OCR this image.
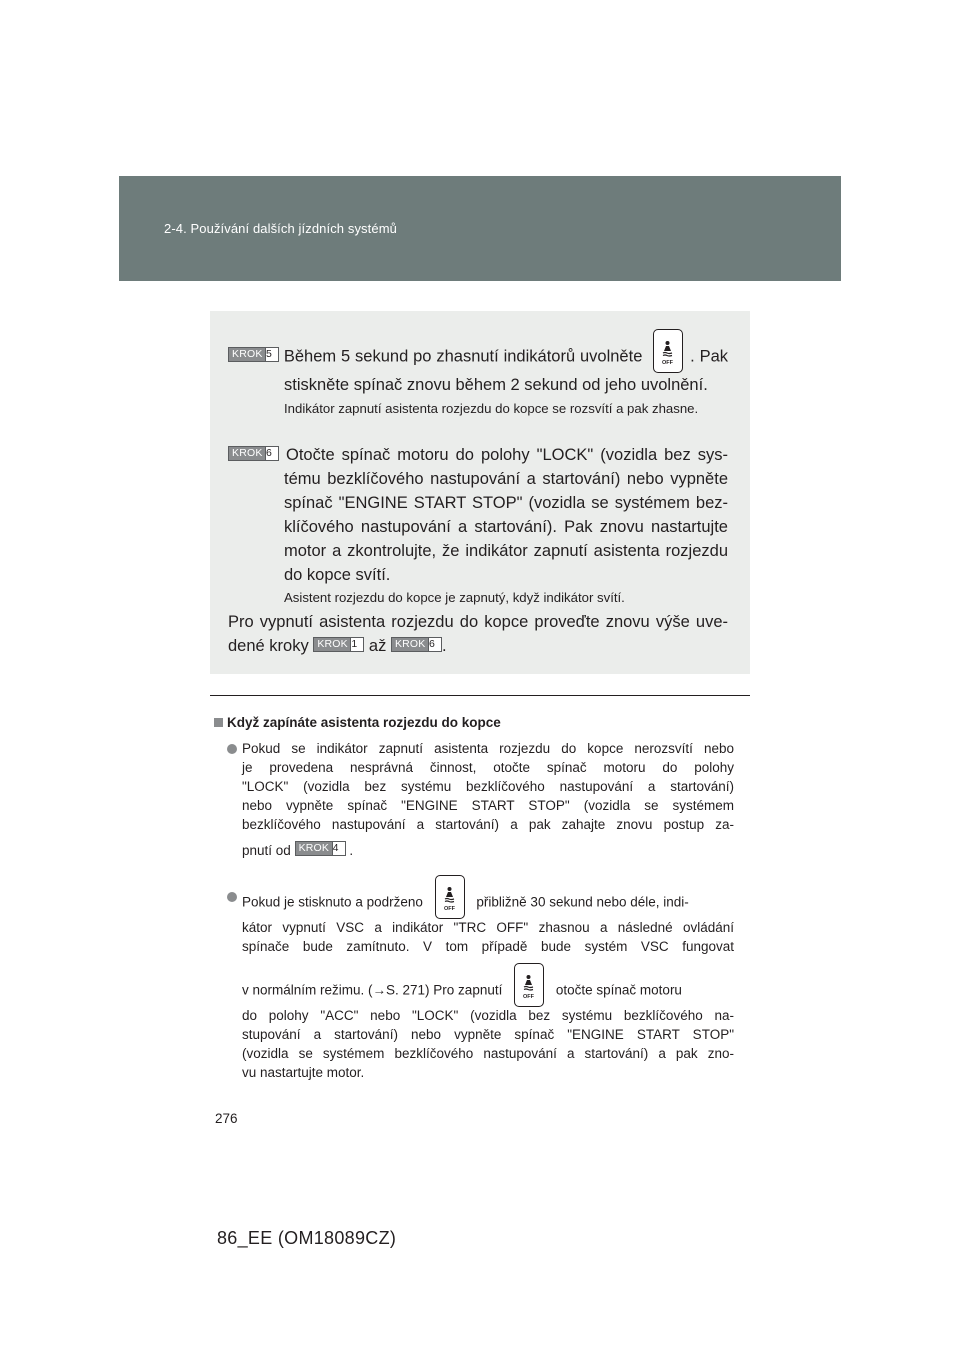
2-4. Používání dalších jízdních systémů
KROK 5 Během 5 sekund po zhasnutí indikátorů uvolněte	OFF . Pak
stiskněte spínač znovu během 2 sekund od jeho uvolnění.
Indikátor zapnutí asistenta rozjezdu do kopce se rozsvítí a pak zhasne.
KROK 6 Otočte spínač motoru do polohy "LOCK" (vozidla bez sys-
tému bezklíčového nastupování a startování) nebo vypněte
spínač "ENGINE START STOP" (vozidla se systémem bez-
klíčového nastupování a startování). Pak znovu nastartujte
motor a zkontrolujte, že indikátor zapnutí asistenta rozjezdu
do kopce svítí.
Asistent rozjezdu do kopce je zapnutý, když indikátor svítí.
Pro vypnutí asistenta rozjezdu do kopce proveďte znovu výše uve-
dené kroky KROK 1 až KROK 6 .
Když zapínáte asistenta rozjezdu do kopce
Pokud se indikátor zapnutí asistenta rozjezdu do kopce nerozsvítí nebo
je provedena nesprávná činnost, otočte spínač motoru do polohy
"LOCK" (vozidla bez systému bezklíčového nastupování a startování)
nebo vypněte spínač "ENGINE START STOP" (vozidla se systémem
bezklíčového nastupování a startování) a pak zahajte znovu postup za-
pnutí od KROK 4 .
Pokud je stisknuto a podrženo	OFF přibližně 30 sekund nebo déle, indi-
kátor vypnutí VSC a indikátor "TRC OFF" zhasnou a následné ovládání
spínače bude zamítnuto. V tom případě bude systém VSC fungovat
v normálním režimu. (→S. 271) Pro zapnutí	OFF otočte spínač motoru
do polohy "ACC" nebo "LOCK" (vozidla bez systému bezklíčového na-
stupování a startování) nebo vypněte spínač "ENGINE START STOP"
(vozidla se systémem bezklíčového nastupování a startování) a pak zno-
vu nastartujte motor.
276
86_EE (OM18089CZ)
